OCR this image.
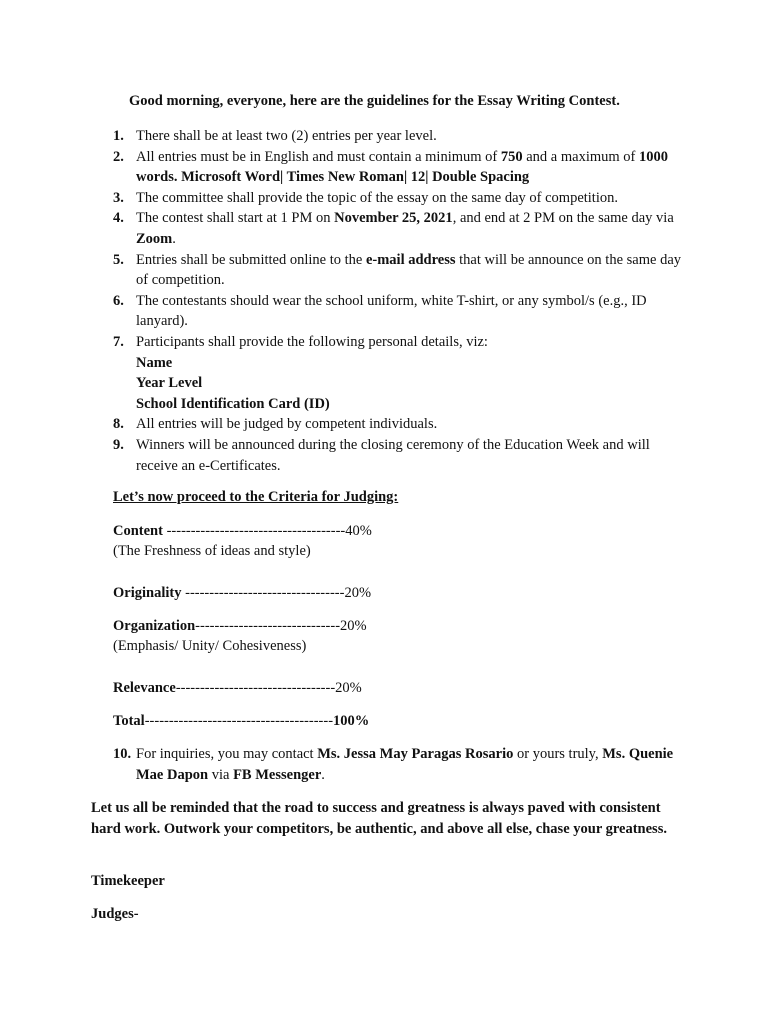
Good morning, everyone, here are the guidelines for the Essay Writing Contest.
1. There shall be at least two (2) entries per year level.
2. All entries must be in English and must contain a minimum of 750 and a maximum of 1000 words. Microsoft Word| Times New Roman| 12| Double Spacing
3. The committee shall provide the topic of the essay on the same day of competition.
4. The contest shall start at 1 PM on November 25, 2021, and end at 2 PM on the same day via Zoom.
5. Entries shall be submitted online to the e-mail address that will be announce on the same day of competition.
6. The contestants should wear the school uniform, white T-shirt, or any symbol/s (e.g., ID lanyard).
7. Participants shall provide the following personal details, viz:
Name
Year Level
School Identification Card (ID)
8. All entries will be judged by competent individuals.
9. Winners will be announced during the closing ceremony of the Education Week and will receive an e-Certificates.
Let’s now proceed to the Criteria for Judging:
Content -------------------------------------40%
(The Freshness of ideas and style)
Originality ---------------------------------20%
Organization------------------------------20%
(Emphasis/ Unity/ Cohesiveness)
Relevance---------------------------------20%
Total---------------------------------------100%
10. For inquiries, you may contact Ms. Jessa May Paragas Rosario or yours truly, Ms. Quenie Mae Dapon via FB Messenger.
Let us all be reminded that the road to success and greatness is always paved with consistent hard work. Outwork your competitors, be authentic, and above all else, chase your greatness.
Timekeeper
Judges-
